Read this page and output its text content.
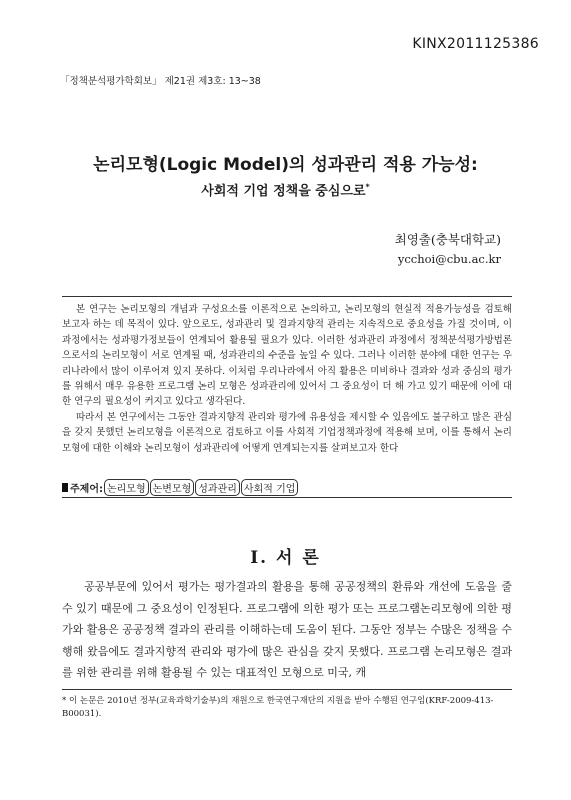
KINX2011125386
「정책분석평가학회보」 제21권 제3호: 13~38
논리모형(Logic Model)의 성과관리 적용 가능성:
사회적 기업 정책을 중심으로*
최영출(충북대학교)
ycchoi@cbu.ac.kr

본 연구는 논리모형의 개념과 구성요소를 이론적으로 논의하고, 논리모형의 현실적 적용가능성을 검토해 보고자 하는 데 목적이 있다. 앞으로도, 성과관리 및 결과지향적 관리는 지속적으로 중요성을 가질 것이며, 이 과정에서는 성과평가정보들이 연계되어 활용될 필요가 있다. 이러한 성과관리 과정에서 정책분석평가방법론으로서의 논리모형이 서로 연계될 때, 성과관리의 수준을 높일 수 있다. 그러나 이러한 분야에 대한 연구는 우리나라에서 많이 이루어져 있지 못하다. 이처럼 우리나라에서 아직 활용은 미비하나 결과와 성과 중심의 평가를 위해서 매우 유용한 프로그램 논리 모형은 성과관리에 있어서 그 중요성이 더 해 가고 있기 때문에 이에 대한 연구의 필요성이 커지고 있다고 생각된다.

따라서 본 연구에서는 그동안 결과지향적 관리와 평가에 유용성을 제시할 수 있음에도 불구하고 많은 관심을 갖지 못했던 논리모형을 이론적으로 검토하고 이를 사회적 기업정책과정에 적용해 보며, 이를 통해서 논리모형에 대한 이해와 논리모형이 성과관리에 어떻게 연계되는지를 살펴보고자 한다

주제어: 논리모형 논변모형 성과관리 사회적 기업
Ⅰ. 서 론

공공부문에 있어서 평가는 평가결과의 활용을 통해 공공정책의 환류와 개선에 도움을 줄 수 있기 때문에 그 중요성이 인정된다. 프로그램에 의한 평가 또는 프로그램논리모형에 의한 평가와 활용은 공공정책 결과의 관리를 이해하는데 도움이 된다. 그동안 정부는 수많은 정책을 수행해 왔음에도 결과지향적 관리와 평가에 많은 관심을 갖지 못했다. 프로그램 논리모형은 결과를 위한 관리를 위해 활용될 수 있는 대표적인 모형으로 미국, 캐

* 이 논문은 2010년 정부(교육과학기술부)의 재원으로 한국연구재단의 지원을 받아 수행된 연구임(KRF-2009-413-B00031).
